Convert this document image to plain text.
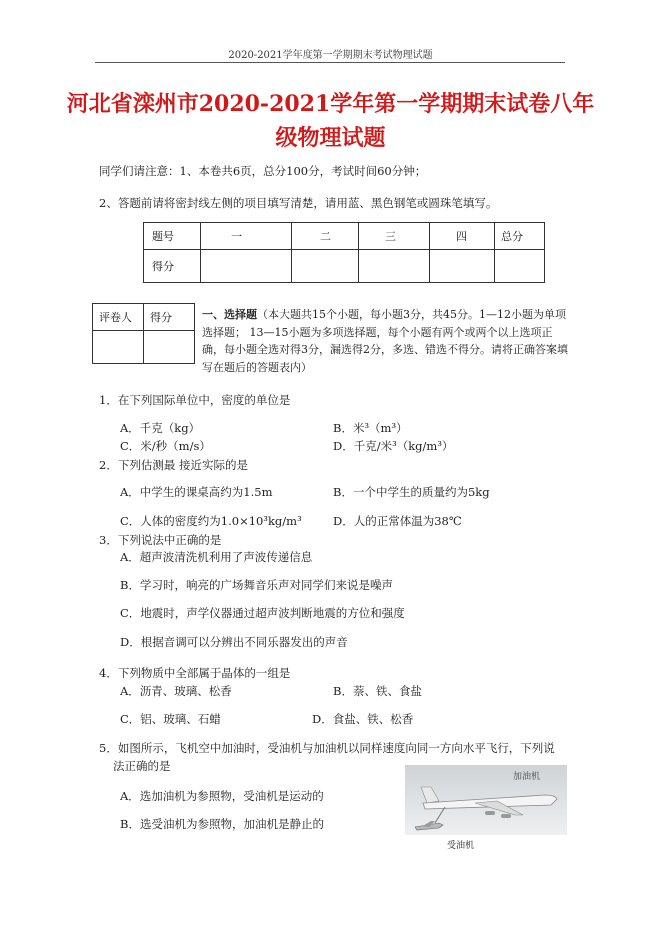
2020-2021学年度第一学期期末考试物理试题
河北省滦州市2020-2021学年第一学期期末试卷八年
级物理试题
同学们请注意：1、本卷共6页，总分100分，考试时间60分钟；
2、答题前请将密封线左侧的项目填写清楚，请用蓝、黑色钢笔或圆珠笔填写。
题号	一	二	三	四	总分
得分					
评卷人	得分
		一、选择题（本大题共15个小题，每小题3分，共45分。1—12小题为单项选择题； 13—15小题为多项选择题，每个小题有两个或两个以上选项正确，每小题全选对得3分，漏选得2分，多选、错选不得分。请将正确答案填写在题后的答题表内）
1．在下列国际单位中，密度的单位是
A．千克（kg）	B．米³（m³）
C．米/秒（m/s）	D．千克/米³（kg/m³）
2．下列估测最 接近实际的是
A．中学生的课桌高约为1.5m	B．一个中学生的质量约为5kg
C．人体的密度约为1.0×10³kg/m³	D．人的正常体温为38℃
3．下列说法中正确的是
A．超声波清洗机利用了声波传递信息
B．学习时，响亮的广场舞音乐声对同学们来说是噪声
C．地震时，声学仪器通过超声波判断地震的方位和强度
D．根据音调可以分辨出不同乐器发出的声音
4．下列物质中全部属于晶体的一组是
A．沥青、玻璃、松香	B．萘、铁、食盐
C．铝、玻璃、石蜡	D．食盐、铁、松香
5．如图所示，飞机空中加油时，受油机与加油机以同样速度向同一方向水平飞行，下列说
法正确的是
A．选加油机为参照物，受油机是运动的
B．选受油机为参照物，加油机是静止的
加油机
受油机
